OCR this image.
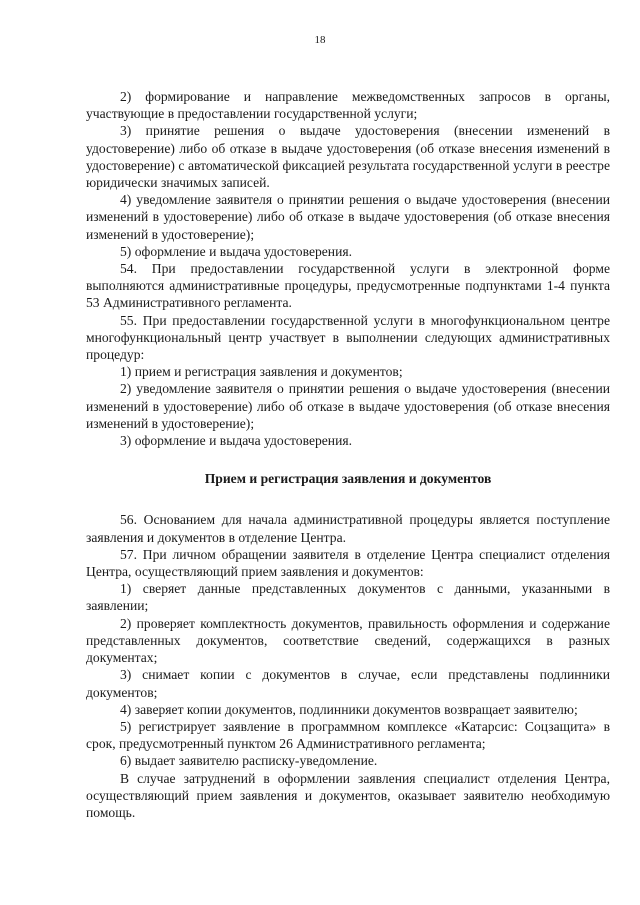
18

2) формирование и направление межведомственных запросов в органы, участвующие в предоставлении государственной услуги;

3) принятие решения о выдаче удостоверения (внесении изменений в удостоверение) либо об отказе в выдаче удостоверения (об отказе внесения изменений в удостоверение) с автоматической фиксацией результата государственной услуги в реестре юридически значимых записей.

4) уведомление заявителя о принятии решения о выдаче удостоверения (внесении изменений в удостоверение) либо об отказе в выдаче удостоверения (об отказе внесения изменений в удостоверение);

5) оформление и выдача удостоверения.

54. При предоставлении государственной услуги в электронной форме выполняются административные процедуры, предусмотренные подпунктами 1-4 пункта 53 Административного регламента.

55. При предоставлении государственной услуги в многофункциональном центре многофункциональный центр участвует в выполнении следующих административных процедур:

1) прием и регистрация заявления и документов;

2) уведомление заявителя о принятии решения о выдаче удостоверения (внесении изменений в удостоверение) либо об отказе в выдаче удостоверения (об отказе внесения изменений в удостоверение);

3) оформление и выдача удостоверения.

Прием и регистрация заявления и документов

56. Основанием для начала административной процедуры является поступление заявления и документов в отделение Центра.

57. При личном обращении заявителя в отделение Центра специалист отделения Центра, осуществляющий прием заявления и документов:

1) сверяет данные представленных документов с данными, указанными в заявлении;

2) проверяет комплектность документов, правильность оформления и содержание представленных документов, соответствие сведений, содержащихся в разных документах;

3) снимает копии с документов в случае, если представлены подлинники документов;

4) заверяет копии документов, подлинники документов возвращает заявителю;

5) регистрирует заявление в программном комплексе «Катарсис: Соцзащита» в срок, предусмотренный пунктом 26 Административного регламента;

6) выдает заявителю расписку-уведомление.

В случае затруднений в оформлении заявления специалист отделения Центра, осуществляющий прием заявления и документов, оказывает заявителю необходимую помощь.
